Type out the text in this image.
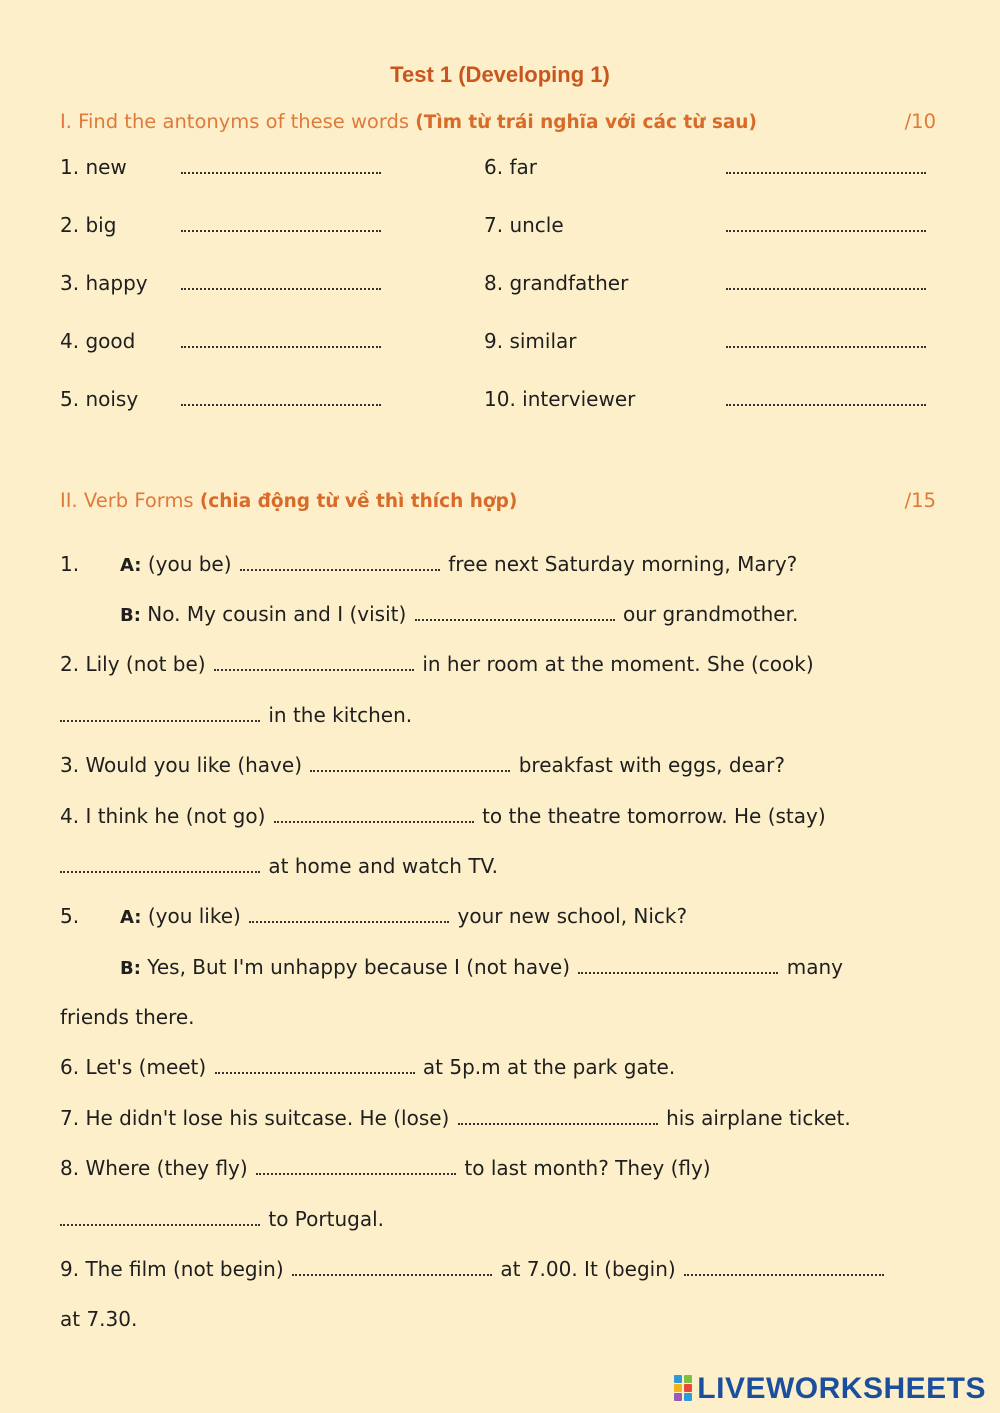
Test 1 (Developing 1)
I. Find the antonyms of these words (Tìm từ trái nghĩa với các từ sau)	/10
1. new	6. far
2. big	7. uncle
3. happy	8. grandfather
4. good	9. similar
5. noisy	10. interviewer
II. Verb Forms (chia động từ về thì thích hợp)	/15
1. A: (you be)	free next Saturday morning, Mary?
B: No. My cousin and I (visit)	our grandmother.
2. Lily (not be)	in her room at the moment. She (cook)
in the kitchen.
3. Would you like (have)	breakfast with eggs, dear?
4. I think he (not go)	to the theatre tomorrow. He (stay)
at home and watch TV.
5. A: (you like)	your new school, Nick?
B: Yes, But I'm unhappy because I (not have)	many
friends there.
6. Let's (meet)	at 5p.m at the park gate.
7. He didn't lose his suitcase. He (lose)	his airplane ticket.
8. Where (they fly)	to last month? They (fly)
to Portugal.
9. The film (not begin)	at 7.00. It (begin)
at 7.30.
LIVEWORKSHEETS
